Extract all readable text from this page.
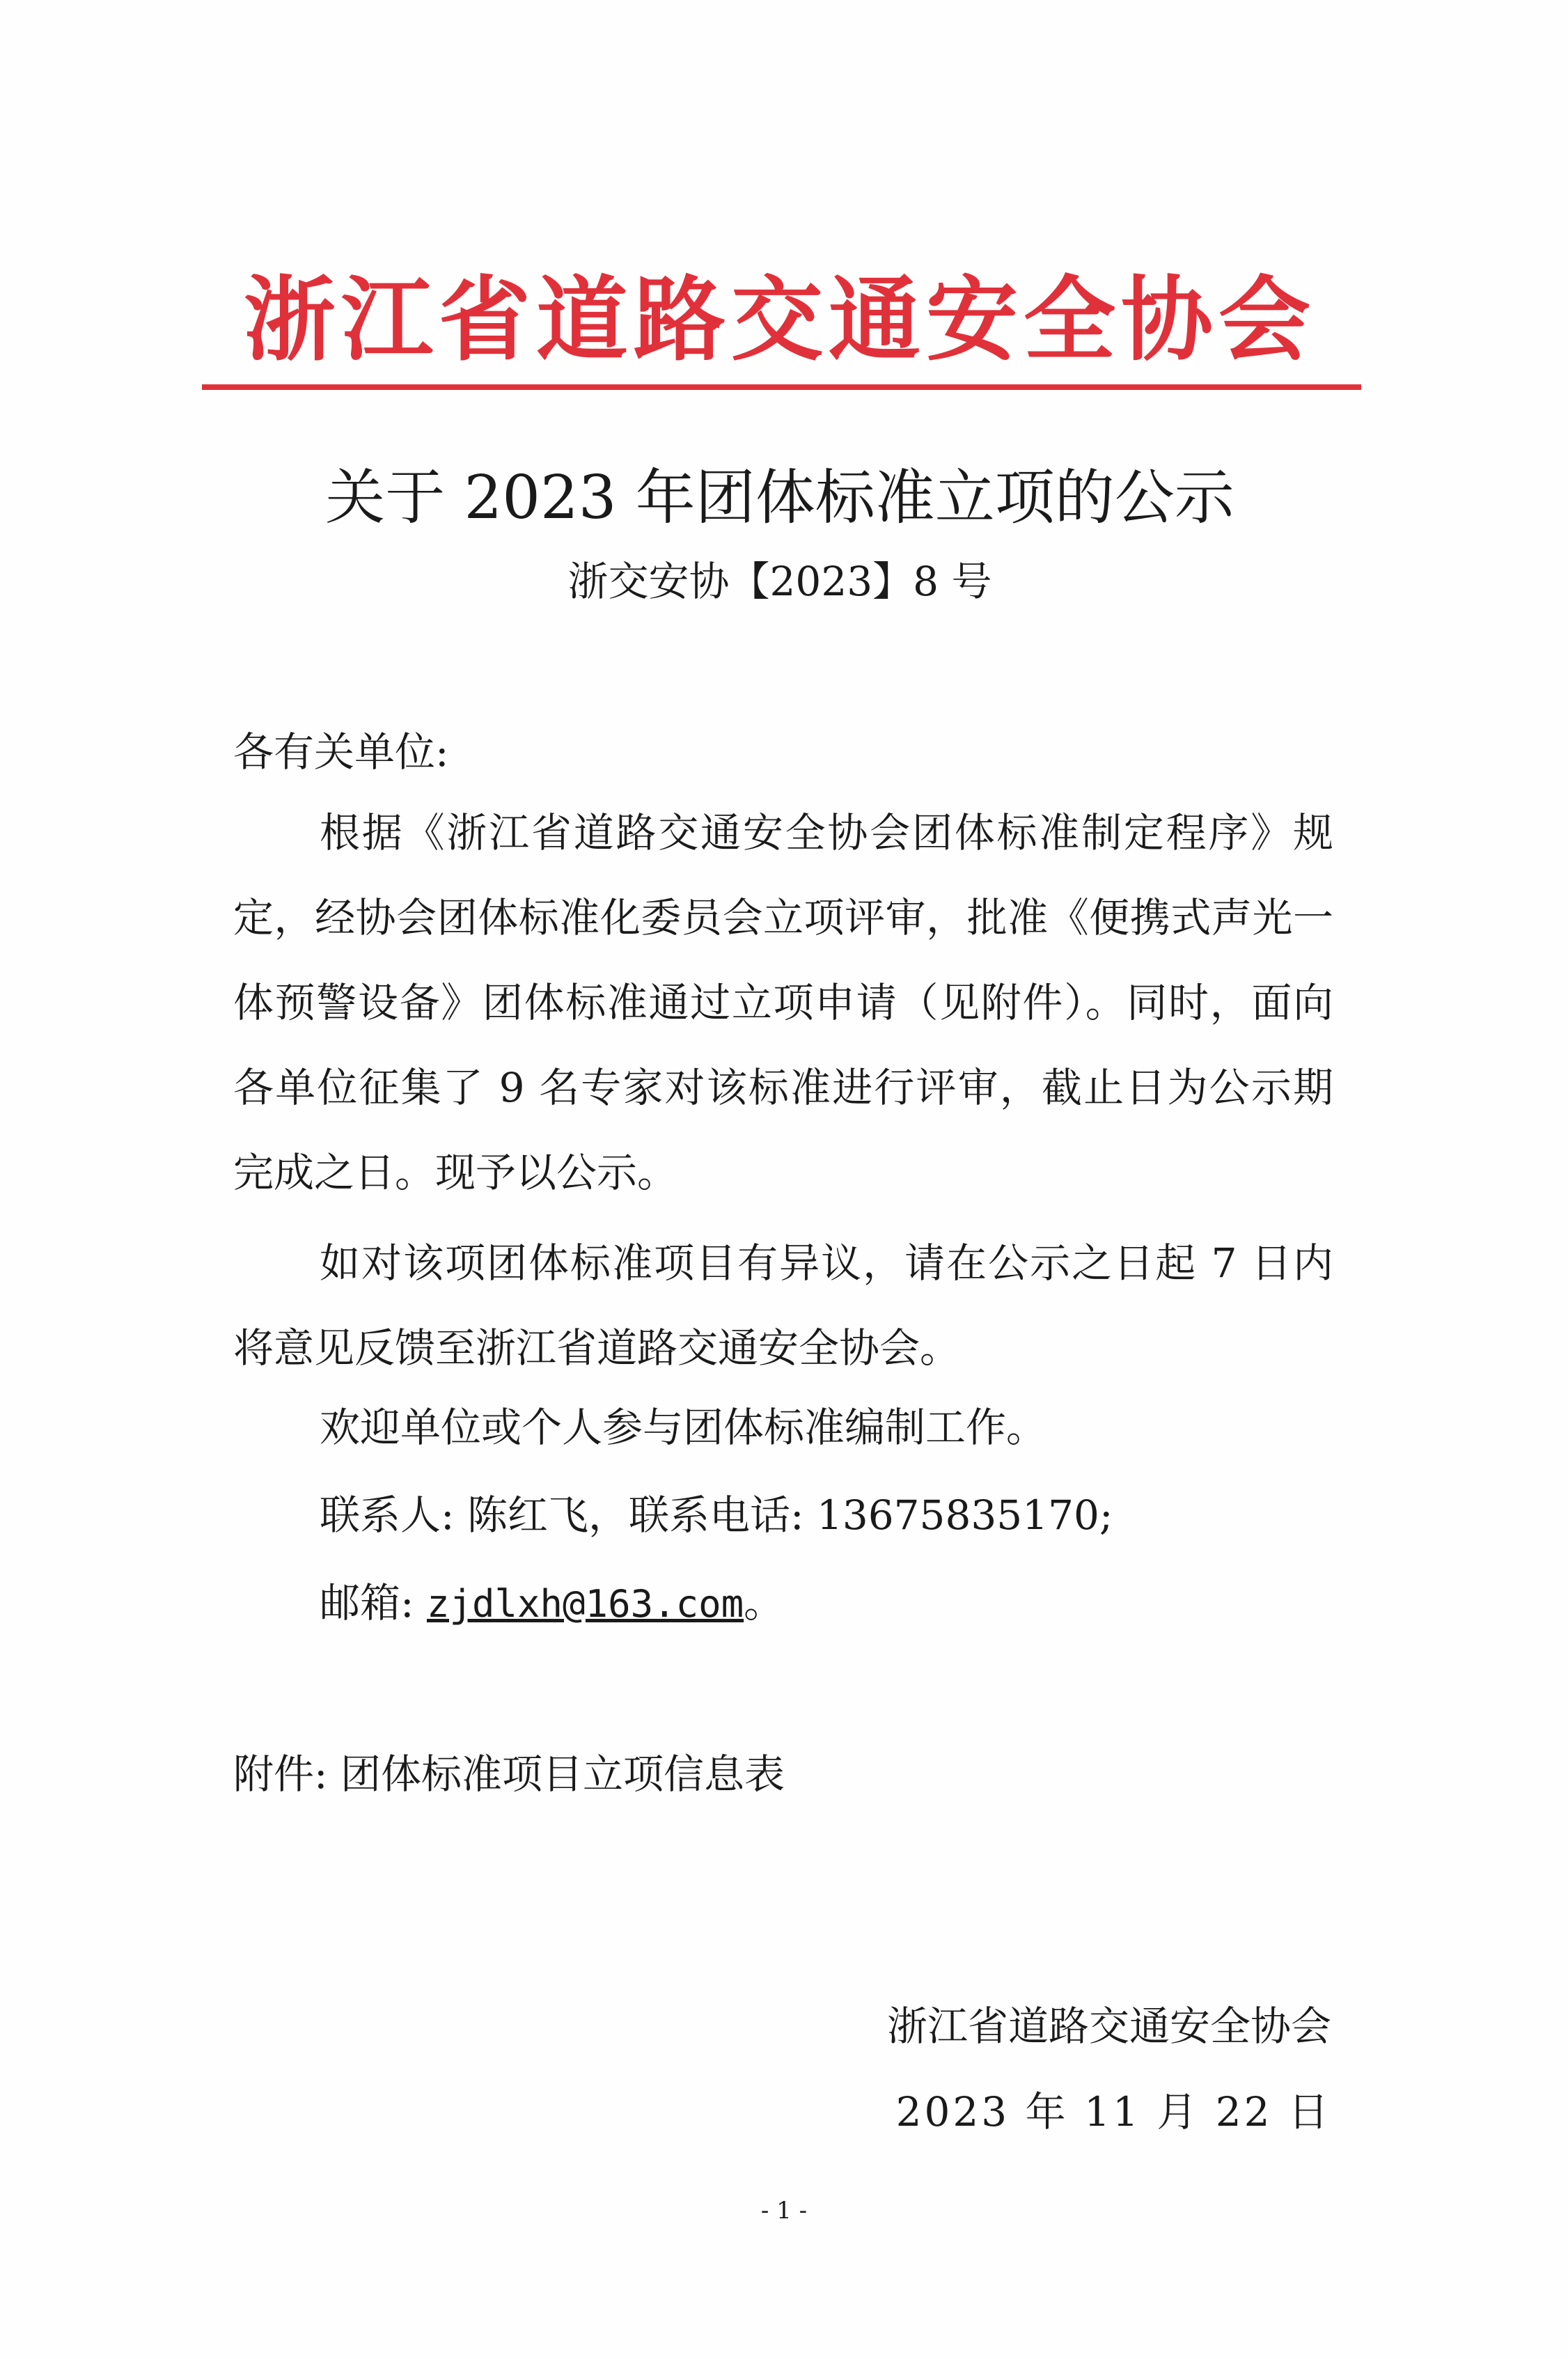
浙江省道路交通安全协会
关于 2023 年团体标准立项的公示
浙交安协【2023】8 号
各有关单位:
根据《浙江省道路交通安全协会团体标准制定程序》规定，经协会团体标准化委员会立项评审，批准《便携式声光一体预警设备》团体标准通过立项申请（见附件）。同时，面向各单位征集了 9 名专家对该标准进行评审，截止日为公示期完成之日。现予以公示。
如对该项团体标准项目有异议，请在公示之日起 7 日内将意见反馈至浙江省道路交通安全协会。
欢迎单位或个人参与团体标准编制工作。
联系人: 陈红飞，联系电话: 13675835170;
邮箱: zjdlxh@163.com。
附件: 团体标准项目立项信息表
浙江省道路交通安全协会
2023 年 11 月 22 日
- 1 -
